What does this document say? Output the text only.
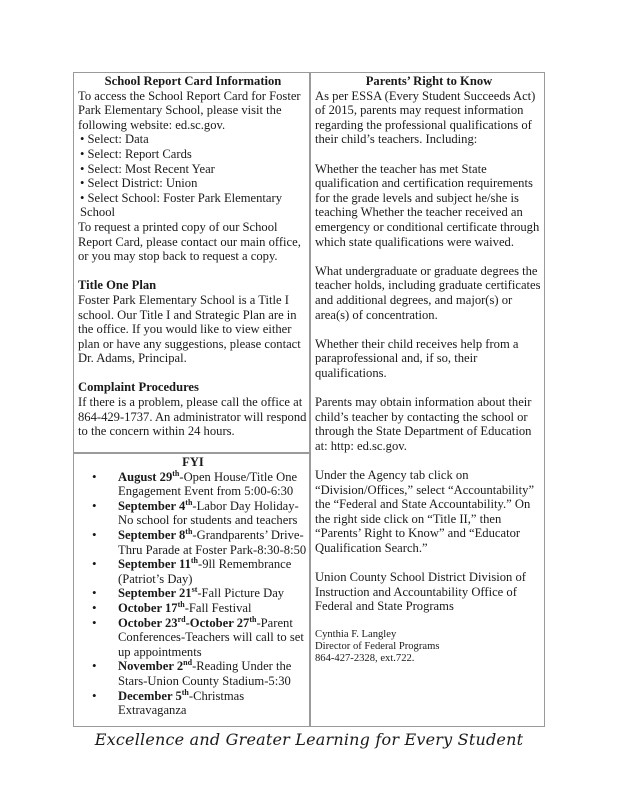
School Report Card Information

To access the School Report Card for Foster Park Elementary School, please visit the following website: ed.sc.gov.

• Select: Data

• Select: Report Cards

• Select: Most Recent Year

• Select District: Union

• Select School: Foster Park Elementary School

To request a printed copy of our School Report Card, please contact our main office, or you may stop back to request a copy.

Title One Plan

Foster Park Elementary School is a Title I school. Our Title I and Strategic Plan are in the office. If you would like to view either plan or have any suggestions, please contact Dr. Adams, Principal.

Complaint Procedures

If there is a problem, please call the office at 864-429-1737. An administrator will respond to the concern within 24 hours.

FYI

• August 29th-Open House/Title One Engagement Event from 5:00-6:30
• September 4th-Labor Day Holiday-No school for students and teachers
• September 8th-Grandparents’ Drive-Thru Parade at Foster Park-8:30-8:50
• September 11th-9ll Remembrance (Patriot’s Day)
• September 21st-Fall Picture Day
• October 17th-Fall Festival
• October 23rd-October 27th-Parent Conferences-Teachers will call to set up appointments
• November 2nd-Reading Under the Stars-Union County Stadium-5:30
• December 5th-Christmas Extravaganza

Parents’ Right to Know

As per ESSA (Every Student Succeeds Act) of 2015, parents may request information regarding the professional qualifications of their child’s teachers. Including:

Whether the teacher has met State qualification and certification requirements for the grade levels and subject he/she is teaching Whether the teacher received an emergency or conditional certificate through which state qualifications were waived.

What undergraduate or graduate degrees the teacher holds, including graduate certificates and additional degrees, and major(s) or area(s) of concentration.

Whether their child receives help from a paraprofessional and, if so, their qualifications.

Parents may obtain information about their child’s teacher by contacting the school or through the State Department of Education at: http: ed.sc.gov.

Under the Agency tab click on “Division/Offices,” select “Accountability” the “Federal and State Accountability.” On the right side click on “Title II,” then “Parents’ Right to Know” and “Educator Qualification Search.”

Union County School District Division of Instruction and Accountability Office of Federal and State Programs

Cynthia F. Langley

Director of Federal Programs

864-427-2328, ext.722.

Excellence and Greater Learning for Every Student
